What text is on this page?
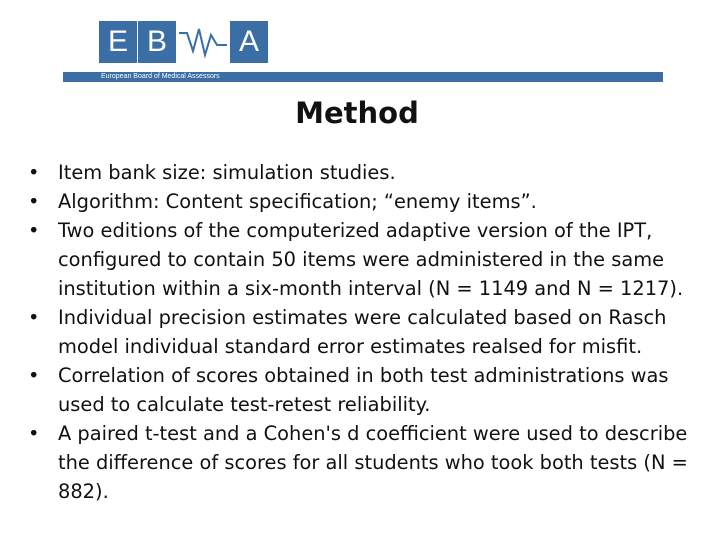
E B	A
European Board of Medical Assessors
Method
• Item bank size: simulation studies.
• Algorithm: Content specification; “enemy items”.
• Two editions of the computerized adaptive version of the IPT, configured to contain 50 items were administered in the same institution within a six-month interval (N = 1149 and N = 1217).
• Individual precision estimates were calculated based on Rasch model individual standard error estimates realsed for misfit.
• Correlation of scores obtained in both test administrations was used to calculate test-retest reliability.
• A paired t-test and a Cohen's d coefficient were used to describe the difference of scores for all students who took both tests (N = 882).
